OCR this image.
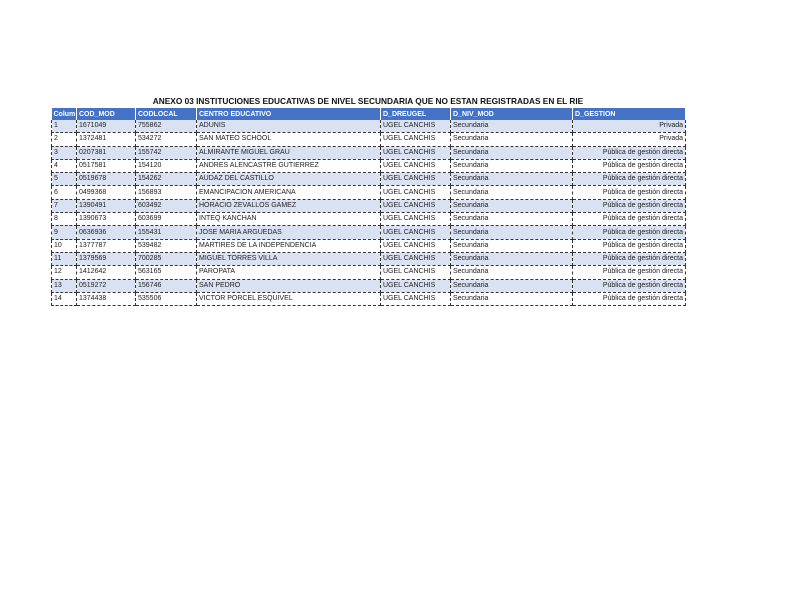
ANEXO 03 INSTITUCIONES EDUCATIVAS DE NIVEL SECUNDARIA QUE NO ESTAN REGISTRADAS EN EL RIE
Colum	COD_MOD	CODLOCAL	CENTRO EDUCATIVO	D_DREUGEL	D_NIV_MOD	D_GESTION
1	1671049	755862	ADUNIS	UGEL CANCHIS	Secundaria	Privada
2	1372481	534272	SAN MATEO SCHOOL	UGEL CANCHIS	Secundaria	Privada
3	0207381	155742	ALMIRANTE MIGUEL GRAU	UGEL CANCHIS	Secundaria	Pública de gestión directa
4	0517581	154120	ANDRES ALENCASTRE GUTIERREZ	UGEL CANCHIS	Secundaria	Pública de gestión directa
5	0519678	154262	AUDAZ DEL CASTILLO	UGEL CANCHIS	Secundaria	Pública de gestión directa
6	0499368	156893	EMANCIPACION AMERICANA	UGEL CANCHIS	Secundaria	Pública de gestión directa
7	1390491	603492	HORACIO ZEVALLOS GAMEZ	UGEL CANCHIS	Secundaria	Pública de gestión directa
8	1390673	603699	INTEQ KANCHAN	UGEL CANCHIS	Secundaria	Pública de gestión directa
9	0636936	155431	JOSE MARIA ARGUEDAS	UGEL CANCHIS	Secundaria	Pública de gestión directa
10	1377787	539482	MARTIRES DE LA INDEPENDENCIA	UGEL CANCHIS	Secundaria	Pública de gestión directa
11	1379569	700285	MIGUEL TORRES VILLA	UGEL CANCHIS	Secundaria	Pública de gestión directa
12	1412642	563165	PAROPATA	UGEL CANCHIS	Secundaria	Pública de gestión directa
13	0519272	156746	SAN PEDRO	UGEL CANCHIS	Secundaria	Pública de gestión directa
14	1374438	535506	VICTOR PORCEL ESQUIVEL	UGEL CANCHIS	Secundaria	Pública de gestión directa
